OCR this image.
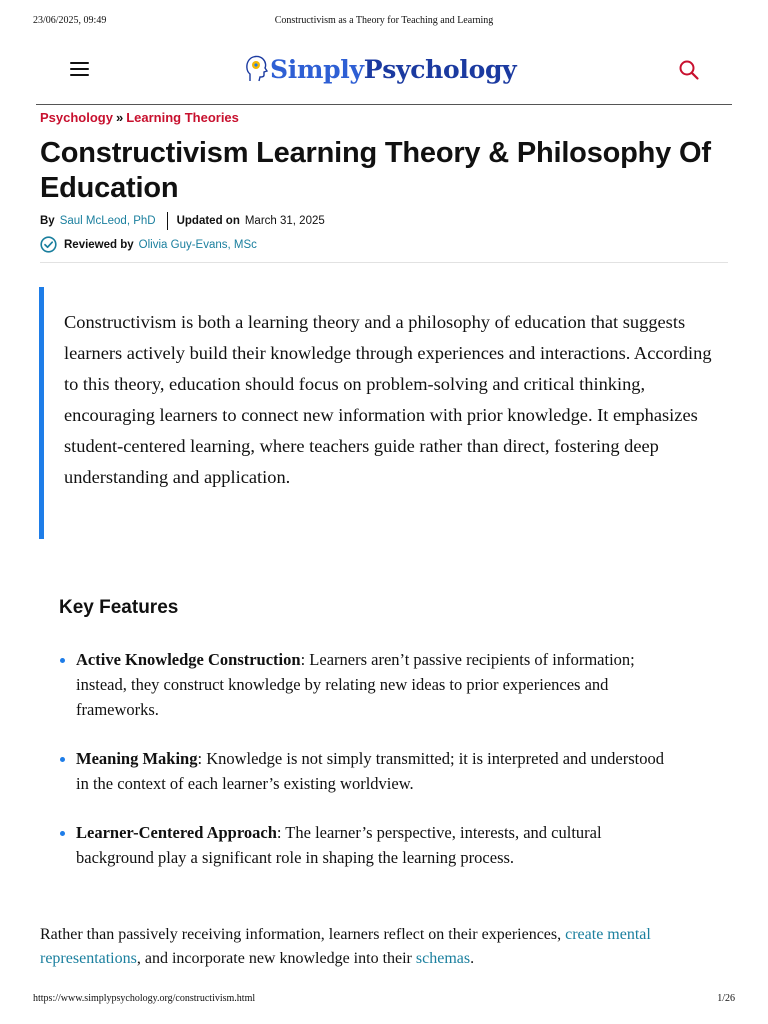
23/06/2025, 09:49	Constructivism as a Theory for Teaching and Learning
SimplyPsychology
Psychology » Learning Theories
Constructivism Learning Theory & Philosophy Of Education
By Saul McLeod, PhD Updated on March 31, 2025
Reviewed by Olivia Guy-Evans, MSc

Constructivism is both a learning theory and a philosophy of education that suggests learners actively build their knowledge through experiences and interactions. According to this theory, education should focus on problem-solving and critical thinking, encouraging learners to connect new information with prior knowledge. It emphasizes student-centered learning, where teachers guide rather than direct, fostering deep understanding and application.

Key Features
Active Knowledge Construction: Learners aren’t passive recipients of information; instead, they construct knowledge by relating new ideas to prior experiences and frameworks.
Meaning Making: Knowledge is not simply transmitted; it is interpreted and understood in the context of each learner’s existing worldview.
Learner-Centered Approach: The learner’s perspective, interests, and cultural background play a significant role in shaping the learning process.

Rather than passively receiving information, learners reflect on their experiences, create mental representations, and incorporate new knowledge into their schemas.

https://www.simplypsychology.org/constructivism.html	1/26
